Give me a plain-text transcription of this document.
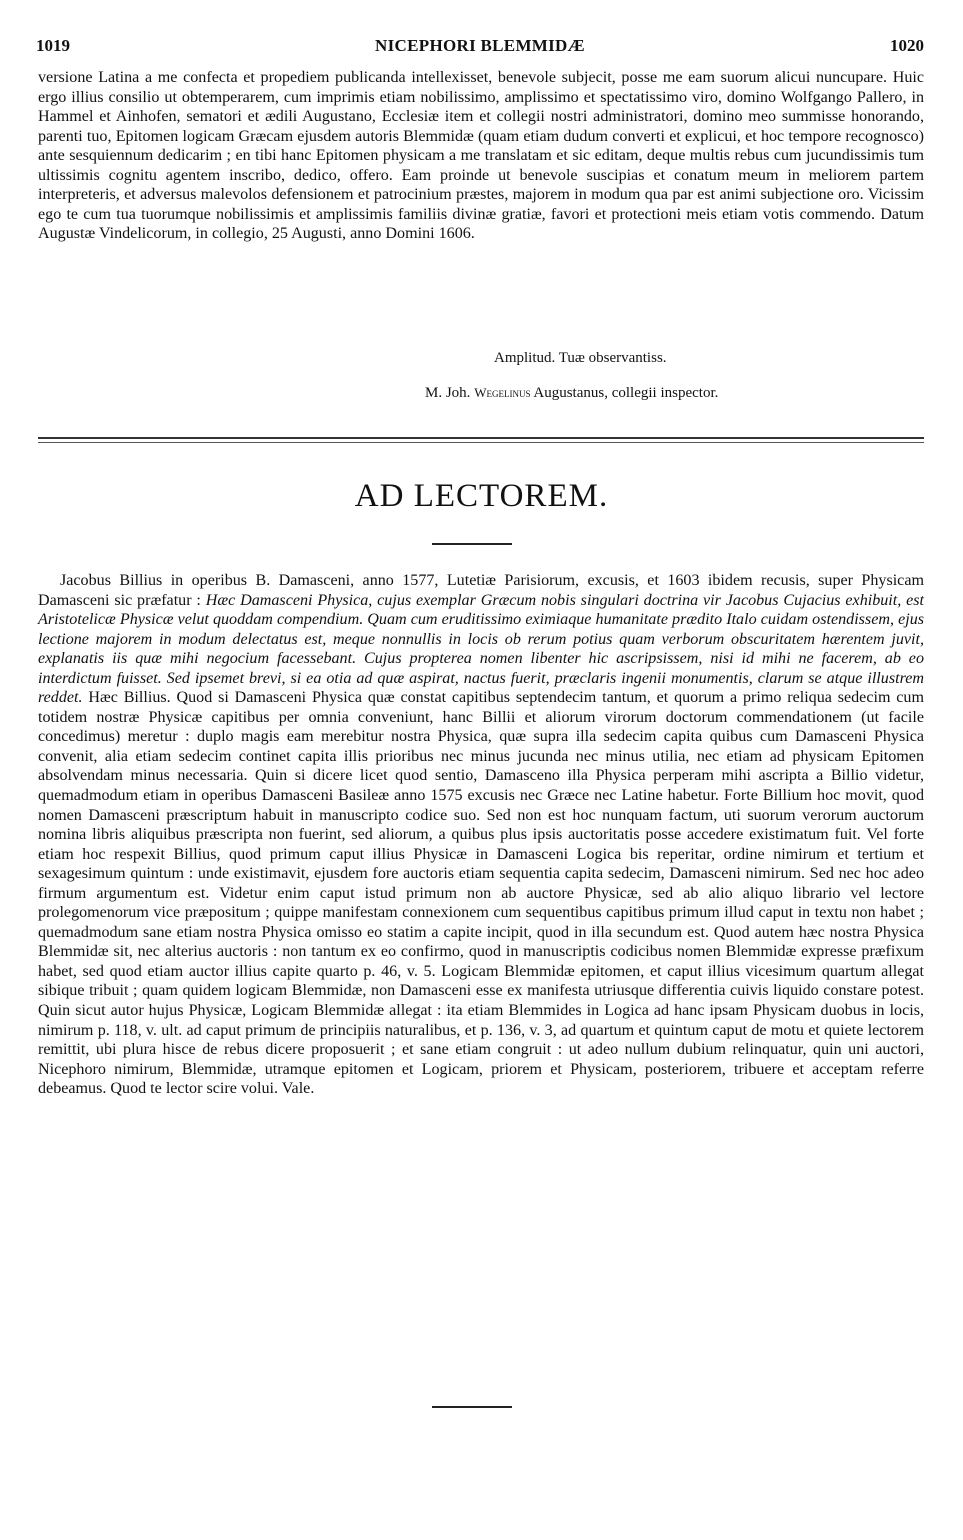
1019	NICEPHORI BLEMMIDÆ	1020

versione Latina a me confecta et propediem publicanda intellexisset, benevole subjecit, posse me eam suorum alicui nuncupare. Huic ergo illius consilio ut obtemperarem, cum imprimis etiam nobilissimo, amplissimo et spectatissimo viro, domino Wolfgango Pallero, in Hammel et Ainhofen, sematori et ædili Augustano, Ecclesiæ item et collegii nostri administratori, domino meo summisse honorando, parenti tuo, Epitomen logicam Græcam ejusdem autoris Blemmidæ (quam etiam dudum converti et explicui, et hoc tempore recognosco) ante sesquiennum dedicarim ; en tibi hanc Epitomen physicam a me translatam et sic editam, deque multis rebus cum jucundissimis tum ultissimis cognitu agentem inscribo, dedico, offero. Eam proinde ut benevole suscipias et conatum meum in meliorem partem interpreteris, et adversus malevolos defensionem et patrocinium præstes, majorem in modum qua par est animi subjectione oro. Vicissim ego te cum tua tuorumque nobilissimis et amplissimis familiis divinæ gratiæ, favori et protectioni meis etiam votis commendo. Datum Augustæ Vindelicorum, in collegio, 25 Augusti, anno Domini 1606.

Amplitud. Tuæ observantiss.
M. Joh. Wegelinus Augustanus, collegii inspector.
AD LECTOREM.

Jacobus Billius in operibus B. Damasceni, anno 1577, Lutetiæ Parisiorum, excusis, et 1603 ibidem recusis, super Physicam Damasceni sic præfatur : Hæc Damasceni Physica, cujus exemplar Græcum nobis singulari doctrina vir Jacobus Cujacius exhibuit, est Aristotelicæ Physicæ velut quoddam compendium. Quam cum eruditissimo eximiaque humanitate prædito Italo cuidam ostendissem, ejus lectione majorem in modum delectatus est, meque nonnullis in locis ob rerum potius quam verborum obscuritatem hærentem juvit, explanatis iis quæ mihi negocium facessebant. Cujus propterea nomen libenter hic ascripsissem, nisi id mihi ne facerem, ab eo interdictum fuisset. Sed ipsemet brevi, si ea otia ad quæ aspirat, nactus fuerit, præclaris ingenii monumentis, clarum se atque illustrem reddet. Hæc Billius. Quod si Damasceni Physica quæ constat capitibus septendecim tantum, et quorum a primo reliqua sedecim cum totidem nostræ Physicæ capitibus per omnia conveniunt, hanc Billii et aliorum virorum doctorum commendationem (ut facile concedimus) meretur : duplo magis eam merebitur nostra Physica, quæ supra illa sedecim capita quibus cum Damasceni Physica convenit, alia etiam sedecim continet capita illis prioribus nec minus jucunda nec minus utilia, nec etiam ad physicam Epitomen absolvendam minus necessaria. Quin si dicere licet quod sentio, Damasceno illa Physica perperam mihi ascripta a Billio videtur, quemadmodum etiam in operibus Damasceni Basileæ anno 1575 excusis nec Græce nec Latine habetur. Forte Billium hoc movit, quod nomen Damasceni præscriptum habuit in manuscripto codice suo. Sed non est hoc nunquam factum, uti suorum verorum auctorum nomina libris aliquibus præscripta non fuerint, sed aliorum, a quibus plus ipsis auctoritatis posse accedere existimatum fuit. Vel forte etiam hoc respexit Billius, quod primum caput illius Physicæ in Damasceni Logica bis reperitar, ordine nimirum et tertium et sexagesimum quintum : unde existimavit, ejusdem fore auctoris etiam sequentia capita sedecim, Damasceni nimirum. Sed nec hoc adeo firmum argumentum est. Videtur enim caput istud primum non ab auctore Physicæ, sed ab alio aliquo librario vel lectore prolegomenorum vice præpositum ; quippe manifestam connexionem cum sequentibus capitibus primum illud caput in textu non habet ; quemadmodum sane etiam nostra Physica omisso eo statim a capite incipit, quod in illa secundum est. Quod autem hæc nostra Physica Blemmidæ sit, nec alterius auctoris : non tantum ex eo confirmo, quod in manuscriptis codicibus nomen Blemmidæ expresse præfixum habet, sed quod etiam auctor illius capite quarto p. 46, v. 5. Logicam Blemmidæ epitomen, et caput illius vicesimum quartum allegat sibique tribuit ; quam quidem logicam Blemmidæ, non Damasceni esse ex manifesta utriusque differentia cuivis liquido constare potest. Quin sicut autor hujus Physicæ, Logicam Blemmidæ allegat : ita etiam Blemmides in Logica ad hanc ipsam Physicam duobus in locis, nimirum p. 118, v. ult. ad caput primum de principiis naturalibus, et p. 136, v. 3, ad quartum et quintum caput de motu et quiete lectorem remittit, ubi plura hisce de rebus dicere proposuerit ; et sane etiam congruit : ut adeo nullum dubium relinquatur, quin uni auctori, Nicephoro nimirum, Blemmidæ, utramque epitomen et Logicam, priorem et Physicam, posteriorem, tribuere et acceptam referre debeamus. Quod te lector scire volui. Vale.
